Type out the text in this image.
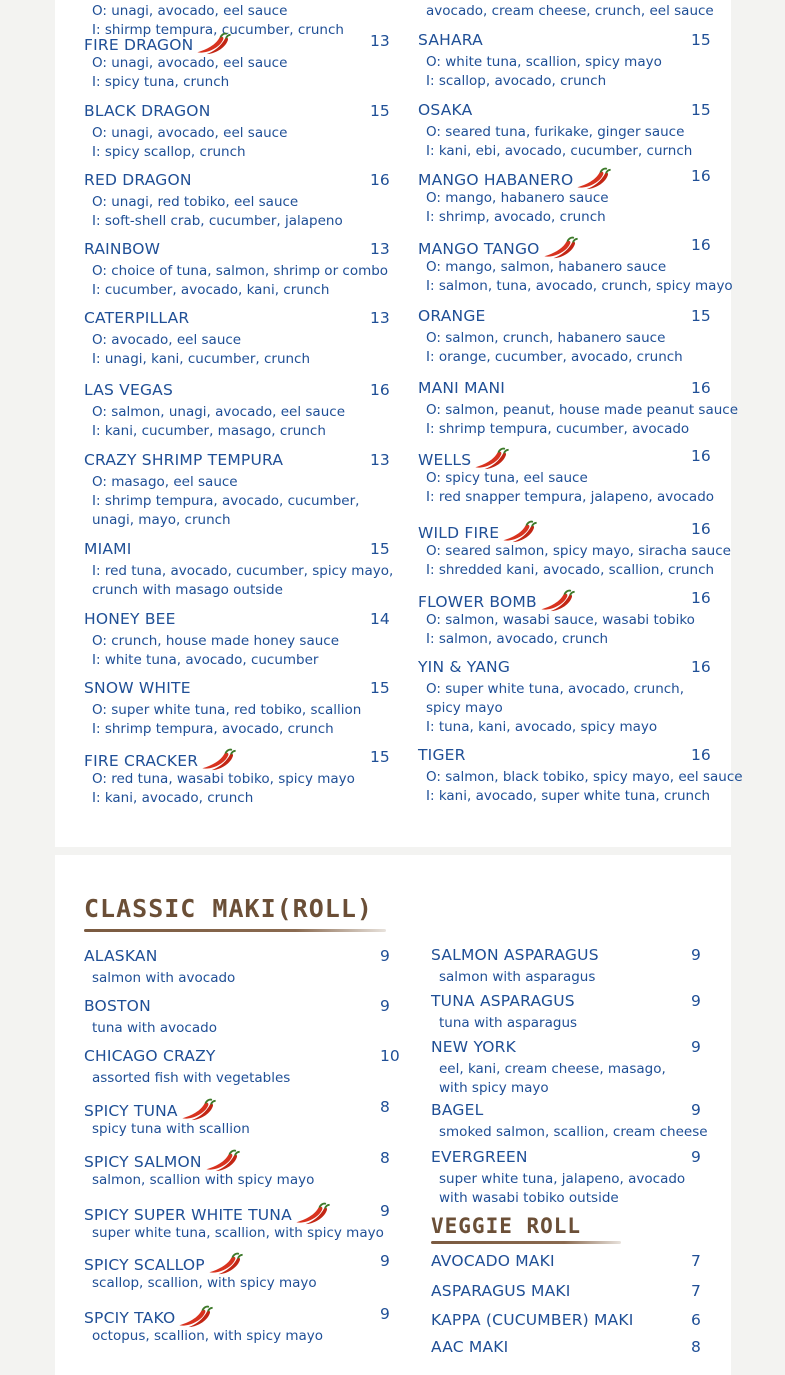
CLASSIC MAKI(ROLL)
VEGGIE ROLL
O: unagi, avocado, eel sauce
I: shirmp tempura, cucumber, crunch
FIRE DRAGON	13
O: unagi, avocado, eel sauce
I: spicy tuna, crunch
BLACK DRAGON	15
O: unagi, avocado, eel sauce
I: spicy scallop, crunch
RED DRAGON	16
O: unagi, red tobiko, eel sauce
I: soft-shell crab, cucumber, jalapeno
RAINBOW	13
O: choice of tuna, salmon, shrimp or combo
I: cucumber, avocado, kani, crunch
CATERPILLAR	13
O: avocado, eel sauce
I: unagi, kani, cucumber, crunch
LAS VEGAS	16
O: salmon, unagi, avocado, eel sauce
I: kani, cucumber, masago, crunch
CRAZY SHRIMP TEMPURA	13
O: masago, eel sauce
I: shrimp tempura, avocado, cucumber,
unagi, mayo, crunch
MIAMI	15
I: red tuna, avocado, cucumber, spicy mayo,
crunch with masago outside
HONEY BEE	14
O: crunch, house made honey sauce
I: white tuna, avocado, cucumber
SNOW WHITE	15
O: super white tuna, red tobiko, scallion
I: shrimp tempura, avocado, crunch
FIRE CRACKER	15
O: red tuna, wasabi tobiko, spicy mayo
I: kani, avocado, crunch
avocado, cream cheese, crunch, eel sauce
SAHARA	15
O: white tuna, scallion, spicy mayo
I: scallop, avocado, crunch
OSAKA	15
O: seared tuna, furikake, ginger sauce
I: kani, ebi, avocado, cucumber, curnch
MANGO HABANERO	16
O: mango, habanero sauce
I: shrimp, avocado, crunch
MANGO TANGO	16
O: mango, salmon, habanero sauce
I: salmon, tuna, avocado, crunch, spicy mayo
ORANGE	15
O: salmon, crunch, habanero sauce
I: orange, cucumber, avocado, crunch
MANI MANI	16
O: salmon, peanut, house made peanut sauce
I: shrimp tempura, cucumber, avocado
WELLS	16
O: spicy tuna, eel sauce
I: red snapper tempura, jalapeno, avocado
WILD FIRE	16
O: seared salmon, spicy mayo, siracha sauce
I: shredded kani, avocado, scallion, crunch
FLOWER BOMB	16
O: salmon, wasabi sauce, wasabi tobiko
I: salmon, avocado, crunch
YIN & YANG	16
O: super white tuna, avocado, crunch,
spicy mayo
I: tuna, kani, avocado, spicy mayo
TIGER	16
O: salmon, black tobiko, spicy mayo, eel sauce
I: kani, avocado, super white tuna, crunch
ALASKAN	9
salmon with avocado
BOSTON	9
tuna with avocado
CHICAGO CRAZY	10
assorted fish with vegetables
SPICY TUNA	8
spicy tuna with scallion
SPICY SALMON	8
salmon, scallion with spicy mayo
SPICY SUPER WHITE TUNA	9
super white tuna, scallion, with spicy mayo
SPICY SCALLOP	9
scallop, scallion, with spicy mayo
SPCIY TAKO	9
octopus, scallion, with spicy mayo
SALMON ASPARAGUS	9
salmon with asparagus
TUNA ASPARAGUS	9
tuna with asparagus
NEW YORK	9
eel, kani, cream cheese, masago,
with spicy mayo
BAGEL	9
smoked salmon, scallion, cream cheese
EVERGREEN	9
super white tuna, jalapeno, avocado
with wasabi tobiko outside
AVOCADO MAKI	7
ASPARAGUS MAKI	7
KAPPA (CUCUMBER) MAKI	6
AAC MAKI	8
